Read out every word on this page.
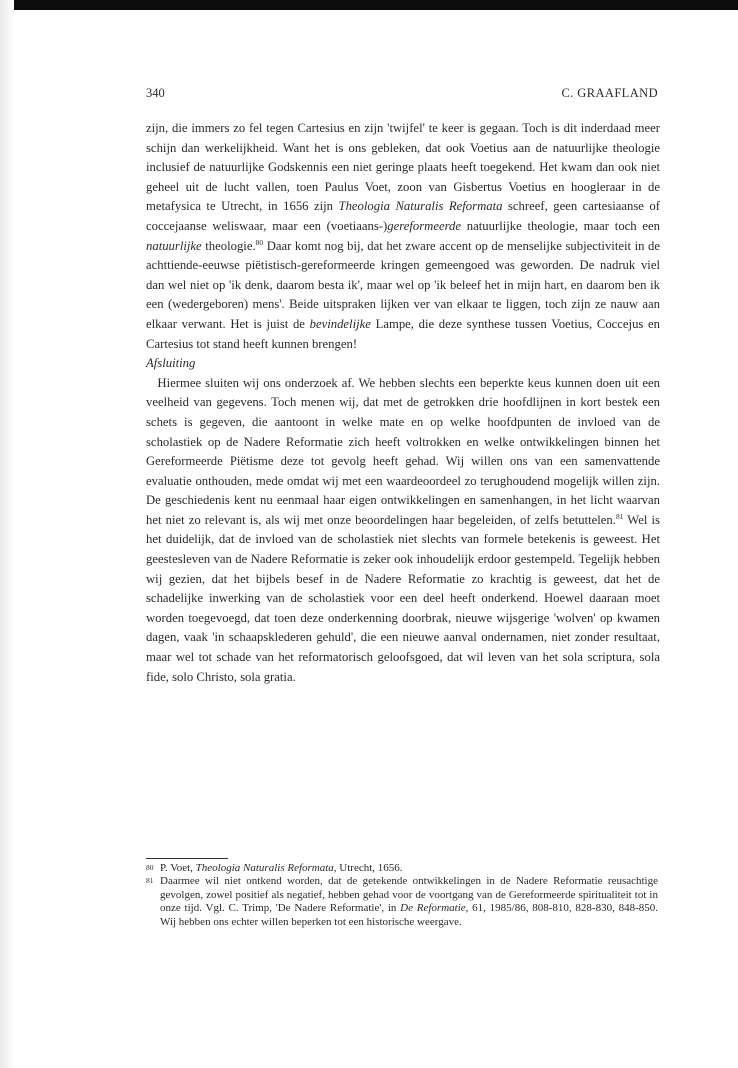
340	C. GRAAFLAND

zijn, die immers zo fel tegen Cartesius en zijn 'twijfel' te keer is gegaan. Toch is dit inderdaad meer schijn dan werkelijkheid. Want het is ons gebleken, dat ook Voetius aan de natuurlijke theologie inclusief de natuurlijke Godskennis een niet geringe plaats heeft toegekend. Het kwam dan ook niet geheel uit de lucht vallen, toen Paulus Voet, zoon van Gisbertus Voetius en hoogleraar in de metafysica te Utrecht, in 1656 zijn Theologia Naturalis Reformata schreef, geen cartesiaanse of coccejaanse weliswaar, maar een (voetiaans-)gereformeerde natuurlijke theologie, maar toch een natuurlijke theologie.$^{80}$ Daar komt nog bij, dat het zware accent op de menselijke subjectiviteit in de achttiende-eeuwse piëtistisch-gereformeerde kringen gemeengoed was geworden. De nadruk viel dan wel niet op 'ik denk, daarom besta ik', maar wel op 'ik beleef het in mijn hart, en daarom ben ik een (wedergeboren) mens'. Beide uitspraken lijken ver van elkaar te liggen, toch zijn ze nauw aan elkaar verwant. Het is juist de bevindelijke Lampe, die deze synthese tussen Voetius, Coccejus en Cartesius tot stand heeft kunnen brengen!

Afsluiting

Hiermee sluiten wij ons onderzoek af. We hebben slechts een beperkte keus kunnen doen uit een veelheid van gegevens. Toch menen wij, dat met de getrokken drie hoofdlijnen in kort bestek een schets is gegeven, die aantoont in welke mate en op welke hoofdpunten de invloed van de scholastiek op de Nadere Reformatie zich heeft voltrokken en welke ontwikkelingen binnen het Gereformeerde Piëtisme deze tot gevolg heeft gehad. Wij willen ons van een samenvattende evaluatie onthouden, mede omdat wij met een waardeoordeel zo terughoudend mogelijk willen zijn. De geschiedenis kent nu eenmaal haar eigen ontwikkelingen en samenhangen, in het licht waarvan het niet zo relevant is, als wij met onze beoordelingen haar begeleiden, of zelfs betuttelen.$^{81}$ Wel is het duidelijk, dat de invloed van de scholastiek niet slechts van formele betekenis is geweest. Het geestesleven van de Nadere Reformatie is zeker ook inhoudelijk erdoor gestempeld. Tegelijk hebben wij gezien, dat het bijbels besef in de Nadere Reformatie zo krachtig is geweest, dat het de schadelijke inwerking van de scholastiek voor een deel heeft onderkend. Hoewel daaraan moet worden toegevoegd, dat toen deze onderkenning doorbrak, nieuwe wijsgerige 'wolven' op kwamen dagen, vaak 'in schaapsklederen gehuld', die een nieuwe aanval ondernamen, niet zonder resultaat, maar wel tot schade van het reformatorisch geloofsgoed, dat wil leven van het sola scriptura, sola fide, solo Christo, sola gratia.

80 P. Voet, Theologia Naturalis Reformata, Utrecht, 1656.

81 Daarmee wil niet ontkend worden, dat de getekende ontwikkelingen in de Nadere Reformatie reusachtige gevolgen, zowel positief als negatief, hebben gehad voor de voortgang van de Gereformeerde spiritualiteit tot in onze tijd. Vgl. C. Trimp, 'De Nadere Reformatie', in De Reformatie, 61, 1985/86, 808-810, 828-830, 848-850. Wij hebben ons echter willen beperken tot een historische weergave.
